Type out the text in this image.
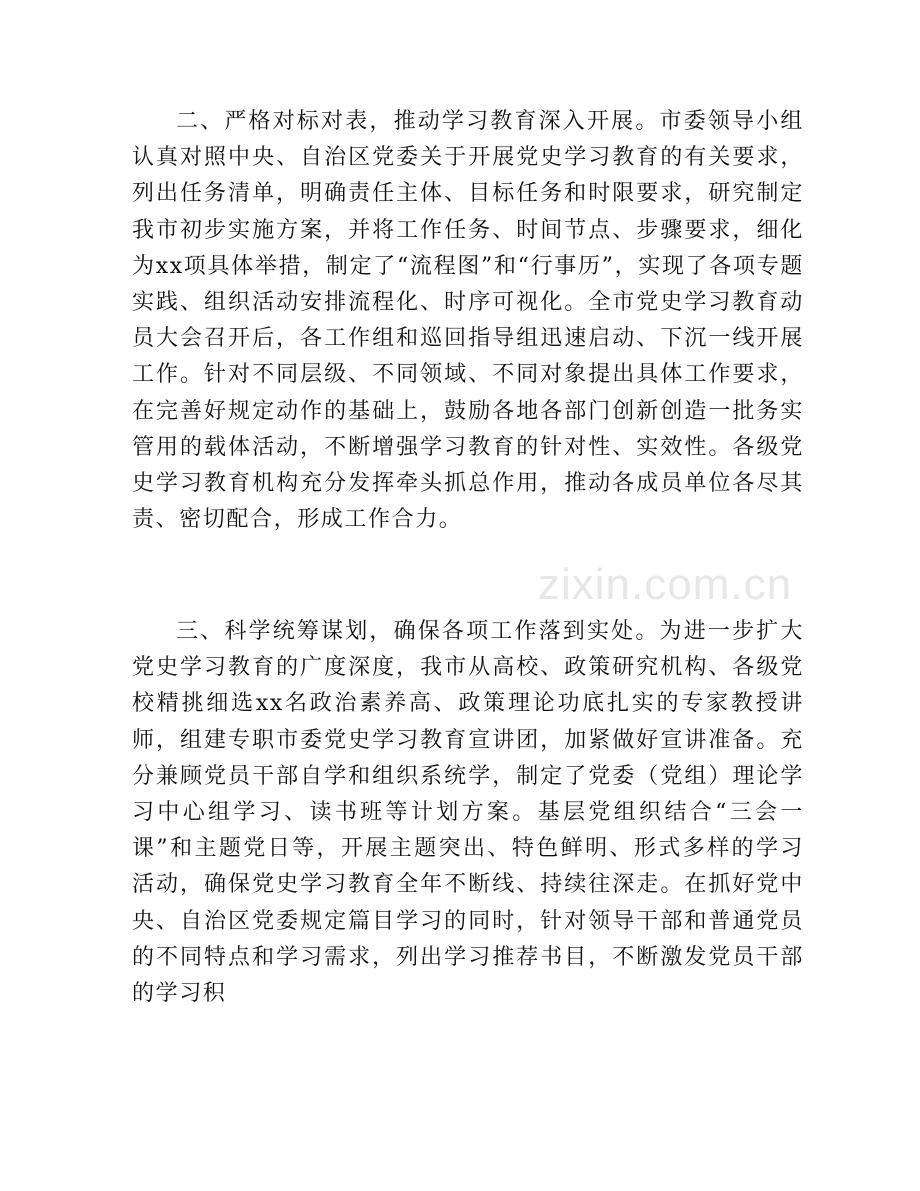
二、严格对标对表，推动学习教育深入开展。市委领导小组认真对照中央、自治区党委关于开展党史学习教育的有关要求，列出任务清单，明确责任主体、目标任务和时限要求，研究制定我市初步实施方案，并将工作任务、时间节点、步骤要求，细化为xx项具体举措，制定了“流程图”和“行事历”，实现了各项专题实践、组织活动安排流程化、时序可视化。全市党史学习教育动员大会召开后，各工作组和巡回指导组迅速启动、下沉一线开展工作。针对不同层级、不同领域、不同对象提出具体工作要求，在完善好规定动作的基础上，鼓励各地各部门创新创造一批务实管用的载体活动，不断增强学习教育的针对性、实效性。各级党史学习教育机构充分发挥牵头抓总作用，推动各成员单位各尽其责、密切配合，形成工作合力。

三、科学统筹谋划，确保各项工作落到实处。为进一步扩大党史学习教育的广度深度，我市从高校、政策研究机构、各级党校精挑细选xx名政治素养高、政策理论功底扎实的专家教授讲师，组建专职市委党史学习教育宣讲团，加紧做好宣讲准备。充分兼顾党员干部自学和组织系统学，制定了党委（党组）理论学习中心组学习、读书班等计划方案。基层党组织结合“三会一课”和主题党日等，开展主题突出、特色鲜明、形式多样的学习活动，确保党史学习教育全年不断线、持续往深走。在抓好党中央、自治区党委规定篇目学习的同时，针对领导干部和普通党员的不同特点和学习需求，列出学习推荐书目，不断激发党员干部的学习积

zixin.com.cn
